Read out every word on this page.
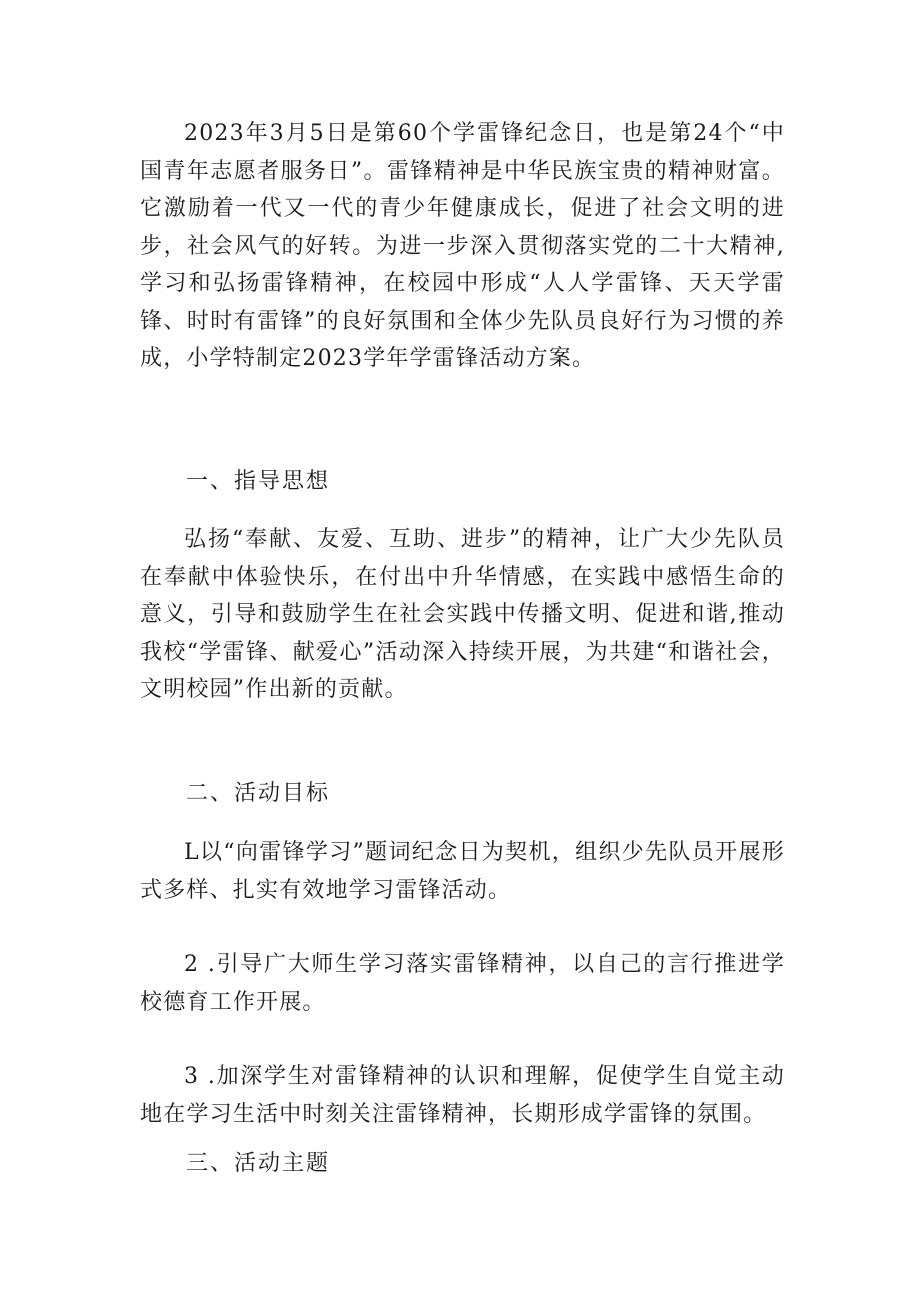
2023年3月5日是第60个学雷锋纪念日，也是第24个“中国青年志愿者服务日”。雷锋精神是中华民族宝贵的精神财富。它激励着一代又一代的青少年健康成长，促进了社会文明的进步，社会风气的好转。为进一步深入贯彻落实党的二十大精神,学习和弘扬雷锋精神，在校园中形成“人人学雷锋、天天学雷锋、时时有雷锋”的良好氛围和全体少先队员良好行为习惯的养成，小学特制定2023学年学雷锋活动方案。

一、指导思想

弘扬“奉献、友爱、互助、进步”的精神，让广大少先队员在奉献中体验快乐，在付出中升华情感，在实践中感悟生命的意义，引导和鼓励学生在社会实践中传播文明、促进和谐,推动我校“学雷锋、献爱心”活动深入持续开展，为共建“和谐社会，文明校园”作出新的贡献。

二、活动目标

L以“向雷锋学习”题词纪念日为契机，组织少先队员开展形式多样、扎实有效地学习雷锋活动。

2 .引导广大师生学习落实雷锋精神，以自己的言行推进学校德育工作开展。

3 .加深学生对雷锋精神的认识和理解，促使学生自觉主动地在学习生活中时刻关注雷锋精神，长期形成学雷锋的氛围。

三、活动主题
